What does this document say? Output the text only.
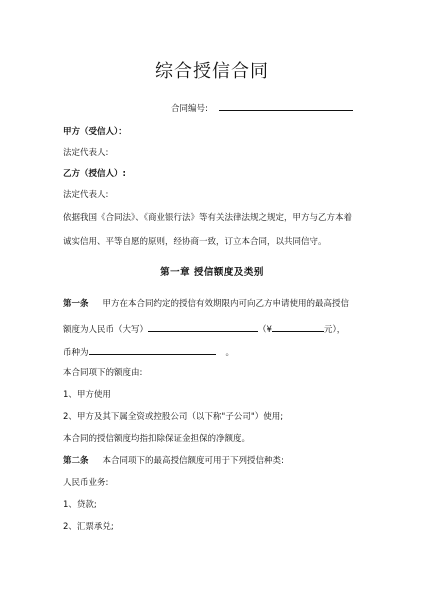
综合授信合同
合同编号:
甲方（受信人）：
法定代表人:
乙方（授信人）:
法定代表人:
依据我国《合同法》、《商业银行法》等有关法律法规之规定，甲方与乙方本着
诚实信用、平等自愿的原则，经协商一致，订立本合同，以共同信守。
第一章 授信额度及类别
第一条 甲方在本合同约定的授信有效期限内可向乙方申请使用的最高授信
额度为人民币（大写）	（¥	元），
币种为	。
本合同项下的额度由:
1、甲方使用
2、甲方及其下属全资或控股公司（以下称"子公司"）使用;
本合同的授信额度均指扣除保证金担保的净额度。
第二条 本合同项下的最高授信额度可用于下列授信种类:
人民币业务:
1、贷款;
2、汇票承兑;
